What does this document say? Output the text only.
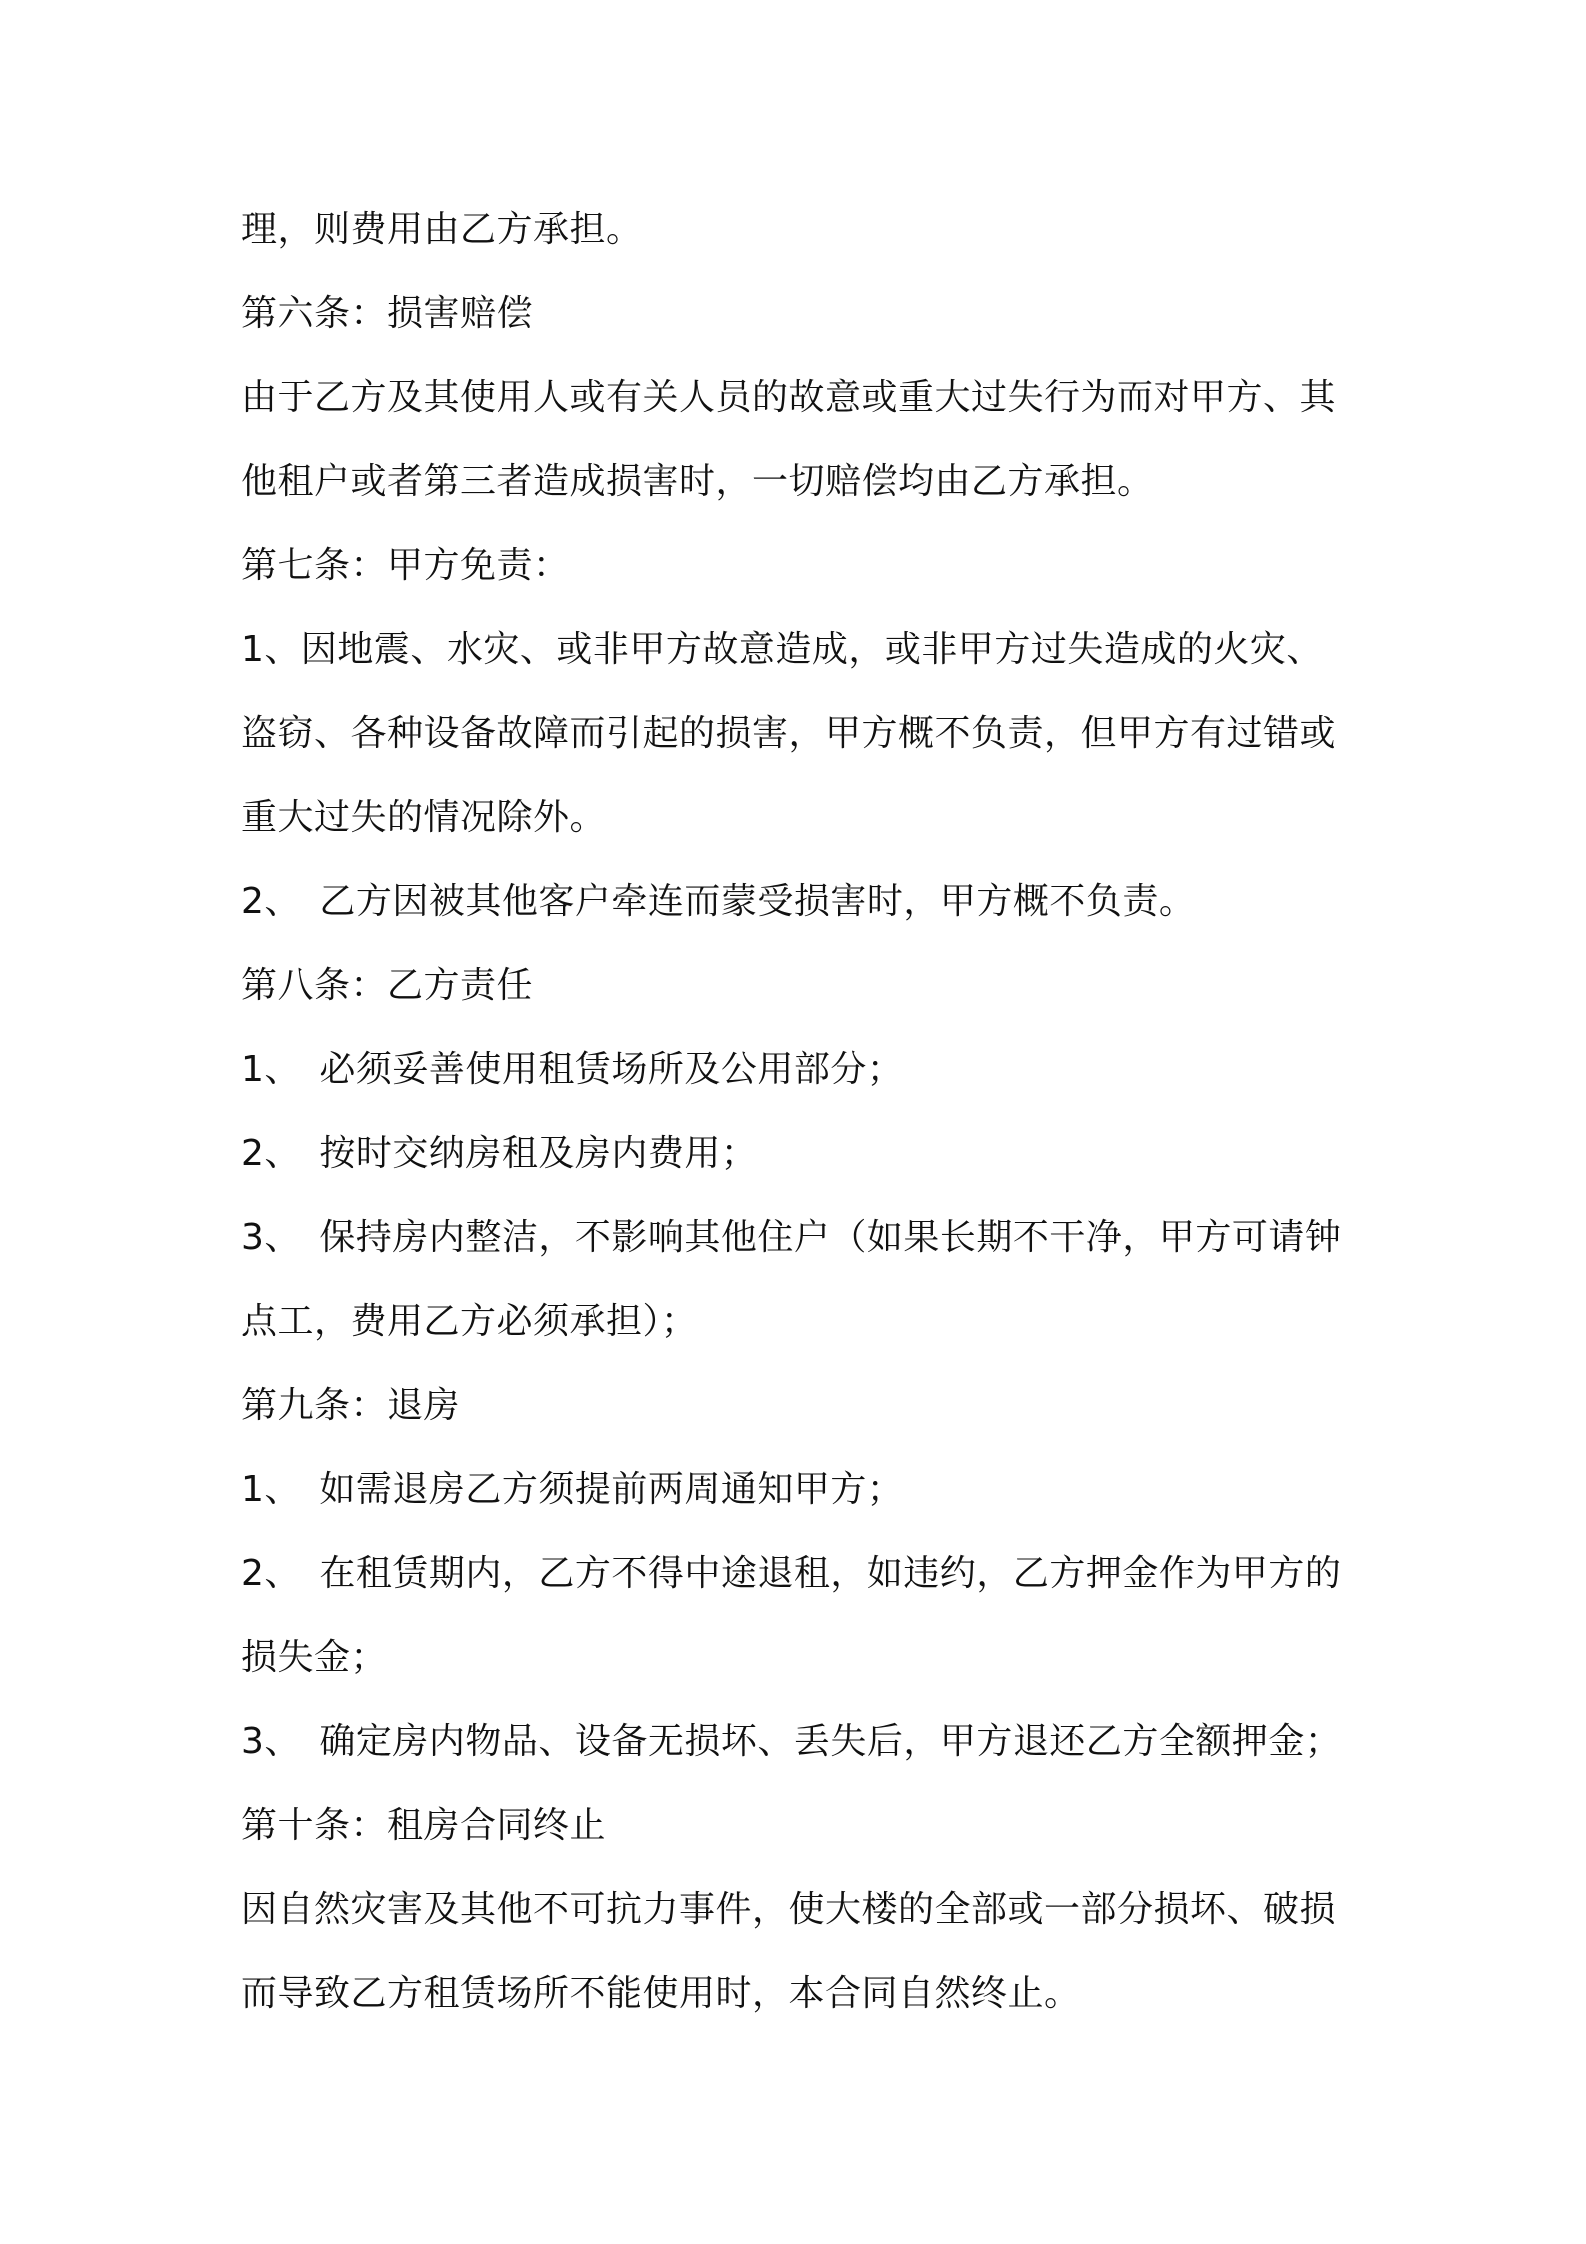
理，则费用由乙方承担。
第六条：损害赔偿
由于乙方及其使用人或有关人员的故意或重大过失行为而对甲方、其
他租户或者第三者造成损害时，一切赔偿均由乙方承担。
第七条：甲方免责：
1、因地震、水灾、或非甲方故意造成，或非甲方过失造成的火灾、
盗窃、各种设备故障而引起的损害，甲方概不负责，但甲方有过错或
重大过失的情况除外。
2、　乙方因被其他客户牵连而蒙受损害时，甲方概不负责。
第八条：乙方责任
1、　必须妥善使用租赁场所及公用部分；
2、　按时交纳房租及房内费用；
3、　保持房内整洁，不影响其他住户（如果长期不干净，甲方可请钟
点工，费用乙方必须承担）；
第九条：退房
1、　如需退房乙方须提前两周通知甲方；
2、　在租赁期内，乙方不得中途退租，如违约，乙方押金作为甲方的
损失金；
3、　确定房内物品、设备无损坏、丢失后，甲方退还乙方全额押金；
第十条：租房合同终止
因自然灾害及其他不可抗力事件，使大楼的全部或一部分损坏、破损
而导致乙方租赁场所不能使用时，本合同自然终止。
